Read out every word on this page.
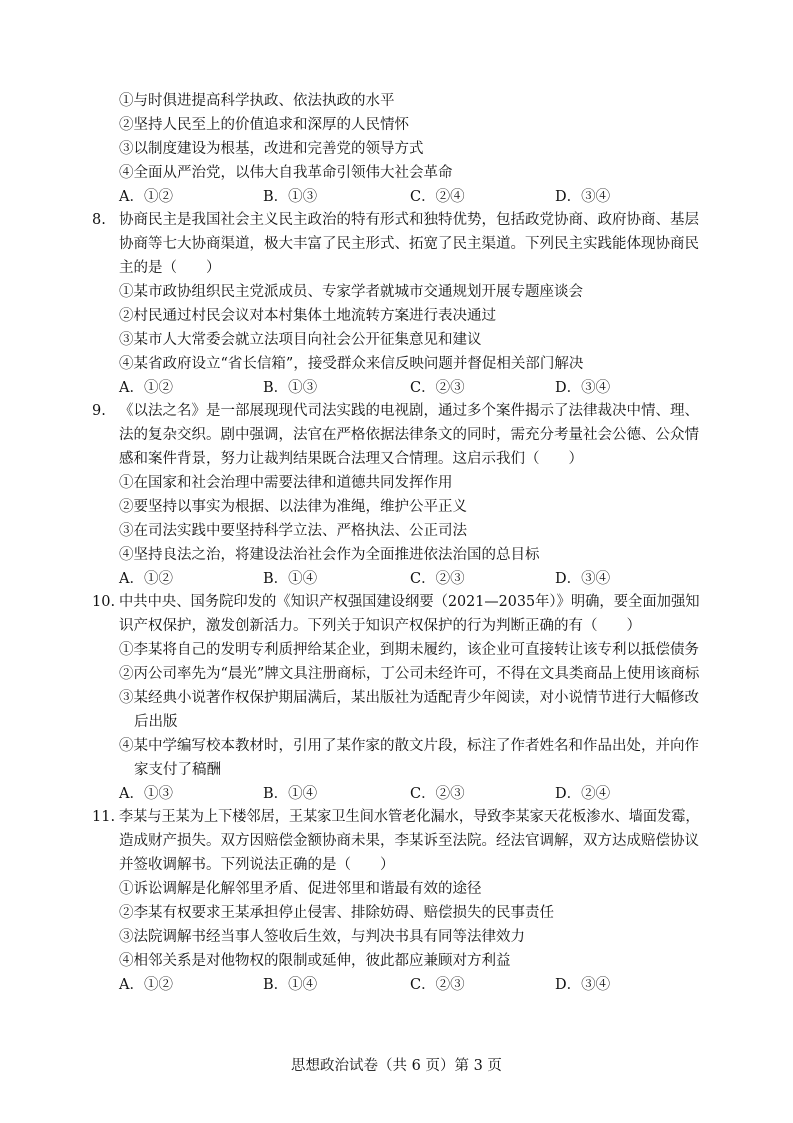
①与时俱进提高科学执政、依法执政的水平
②坚持人民至上的价值追求和深厚的人民情怀
③以制度建设为根基，改进和完善党的领导方式
④全面从严治党，以伟大自我革命引领伟大社会革命
A．①②	B．①③	C．②④	D．③④
8. 协商民主是我国社会主义民主政治的特有形式和独特优势，包括政党协商、政府协商、基层
协商等七大协商渠道，极大丰富了民主形式、拓宽了民主渠道。下列民主实践能体现协商民
主的是（　　）
①某市政协组织民主党派成员、专家学者就城市交通规划开展专题座谈会
②村民通过村民会议对本村集体土地流转方案进行表决通过
③某市人大常委会就立法项目向社会公开征集意见和建议
④某省政府设立“省长信箱”，接受群众来信反映问题并督促相关部门解决
A．①②	B．①③	C．②③	D．③④
9. 《以法之名》是一部展现现代司法实践的电视剧，通过多个案件揭示了法律裁决中情、理、
法的复杂交织。剧中强调，法官在严格依据法律条文的同时，需充分考量社会公德、公众情
感和案件背景，努力让裁判结果既合法理又合情理。这启示我们（　　）
①在国家和社会治理中需要法律和道德共同发挥作用
②要坚持以事实为根据、以法律为准绳，维护公平正义
③在司法实践中要坚持科学立法、严格执法、公正司法
④坚持良法之治，将建设法治社会作为全面推进依法治国的总目标
A．①②	B．①④	C．②③	D．③④
10. 中共中央、国务院印发的《知识产权强国建设纲要（2021—2035年）》明确，要全面加强知
识产权保护，激发创新活力。下列关于知识产权保护的行为判断正确的有（　　）
①李某将自己的发明专利质押给某企业，到期未履约，该企业可直接转让该专利以抵偿债务
②丙公司率先为“晨光”牌文具注册商标，丁公司未经许可，不得在文具类商品上使用该商标
③某经典小说著作权保护期届满后，某出版社为适配青少年阅读，对小说情节进行大幅修改
后出版
④某中学编写校本教材时，引用了某作家的散文片段，标注了作者姓名和作品出处，并向作
家支付了稿酬
A．①③	B．①④	C．②③	D．②④
11. 李某与王某为上下楼邻居，王某家卫生间水管老化漏水，导致李某家天花板渗水、墙面发霉，
造成财产损失。双方因赔偿金额协商未果，李某诉至法院。经法官调解，双方达成赔偿协议
并签收调解书。下列说法正确的是（　　）
①诉讼调解是化解邻里矛盾、促进邻里和谐最有效的途径
②李某有权要求王某承担停止侵害、排除妨碍、赔偿损失的民事责任
③法院调解书经当事人签收后生效，与判决书具有同等法律效力
④相邻关系是对他物权的限制或延伸，彼此都应兼顾对方利益
A．①②	B．①④	C．②③	D．③④
思想政治试卷（共 6 页）第 3 页
